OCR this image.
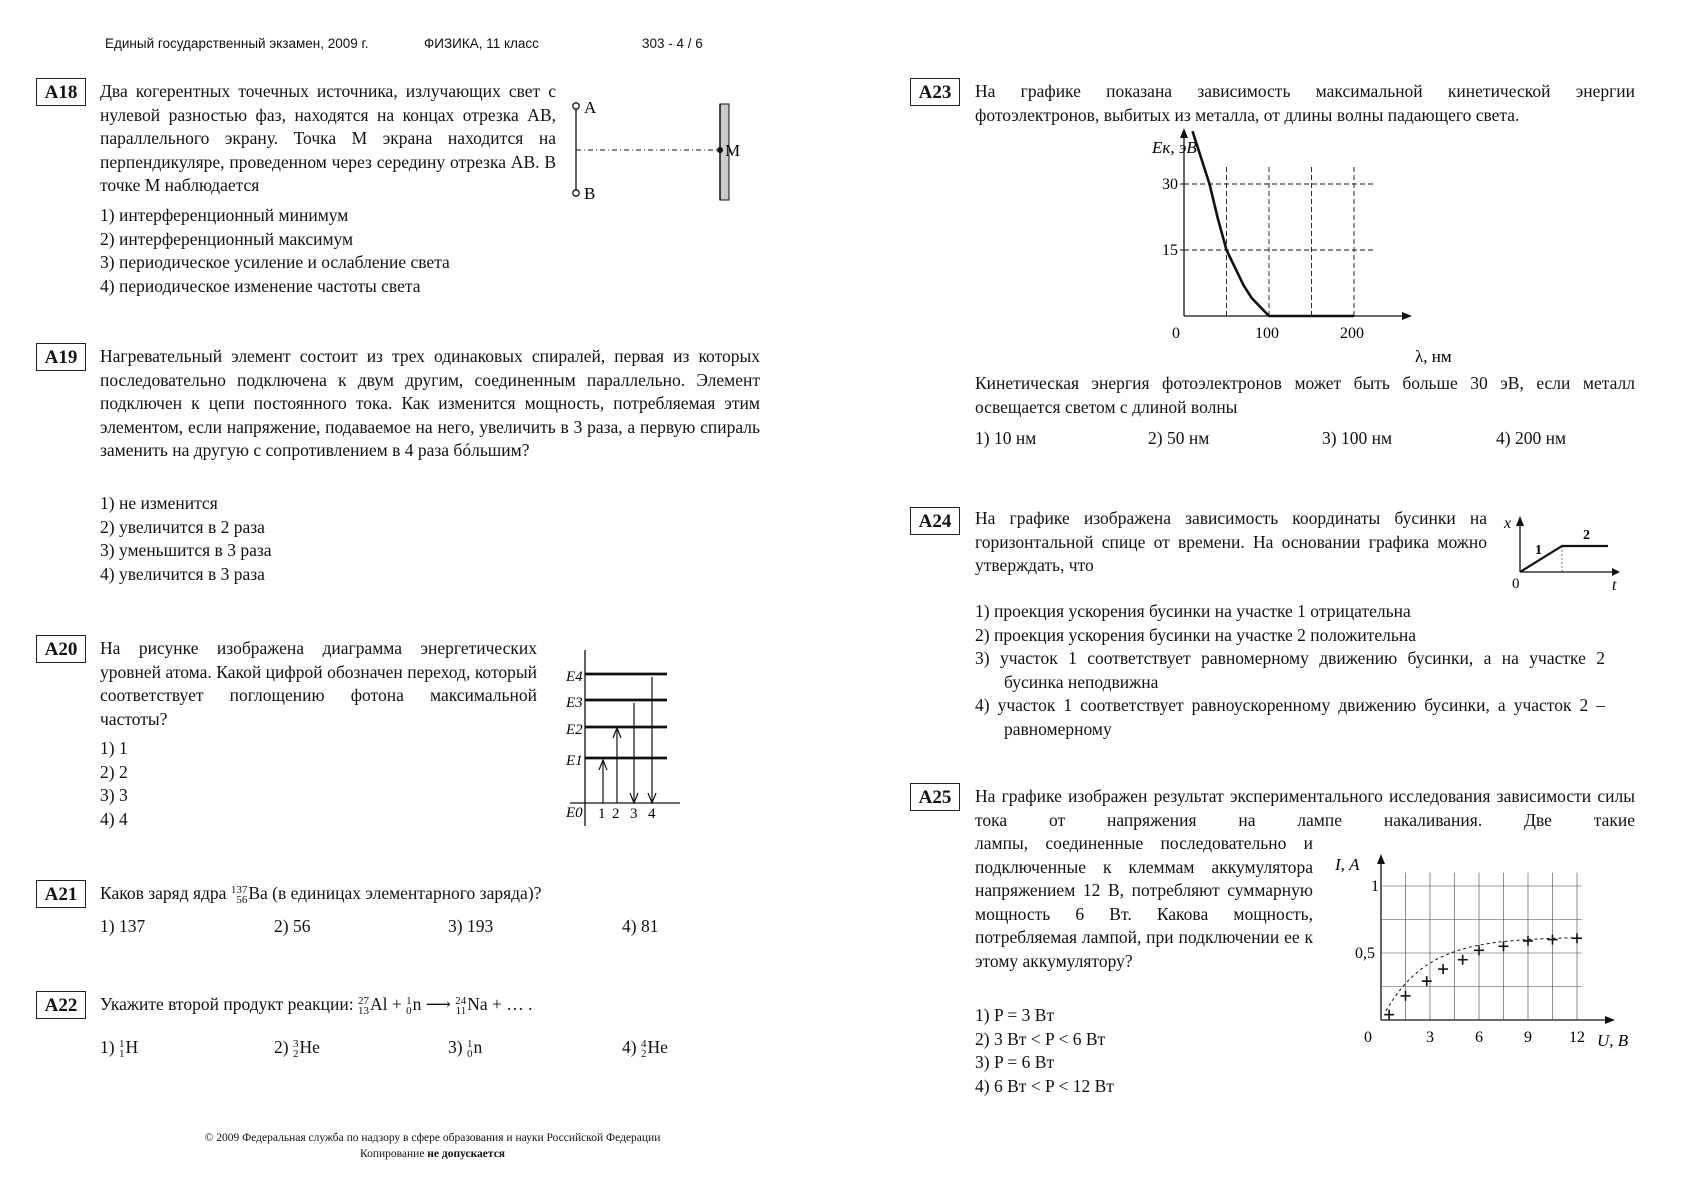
Единый государственный экзамен, 2009 г.	ФИЗИКА, 11 класс	303 - 4 / 6
А18	Два когерентных точечных источника, излучающих свет с нулевой разностью фаз, находятся на концах отрезка АВ, параллельного экрану. Точка М экрана находится на перпендикуляре, проведенном через середину отрезка АВ. В точке М наблюдается
A
B
M
1) интерференционный минимум
2) интерференционный максимум
3) периодическое усиление и ослабление света
4) периодическое изменение частоты света
А19	Нагревательный элемент состоит из трех одинаковых спиралей, первая из которых последовательно подключена к двум другим, соединенным параллельно. Элемент подключен к цепи постоянного тока. Как изменится мощность, потребляемая этим элементом, если напряжение, подаваемое на него, увеличить в 3 раза, а первую спираль заменить на другую с сопротивлением в 4 раза бóльшим?
1) не изменится
2) увеличится в 2 раза
3) уменьшится в 3 раза
4) увеличится в 3 раза
А20	На рисунке изображена диаграмма энергетических уровней атома. Какой цифрой обозначен переход, который соответствует поглощению фотона максимальной частоты?
1) 1
2) 2
3) 3
4) 4
E4
E3
E2
E1
E0 1 2 3 4
А21	Каков заряд ядра 137
56 Ba (в единицах элементарного заряда)?
1) 137	2) 56	3) 193	4) 81
А22	Укажите второй продукт реакции: 27
13 Al + 1
0 n ⟶ 24
11 Na + … .
1) 1
1 H	2) 3
2 He	3) 1
0 n	4) 4
2 He
© 2009 Федеральная служба по надзору в сфере образования и науки Российской Федерации
Копирование не допускается
А23	На графике показана зависимость максимальной кинетической энергии фотоэлектронов, выбитых из металла, от длины волны падающего света.
Eк, эВ
λ, нм
0	100	200
15
30
Кинетическая энергия фотоэлектронов может быть больше 30 эВ, если металл освещается светом с длиной волны
1) 10 нм	2) 50 нм	3) 100 нм	4) 200 нм
А24	На графике изображена зависимость координаты бусинки на горизонтальной спице от времени. На основании графика можно утверждать, что
x
t
0
1
2
1) проекция ускорения бусинки на участке 1 отрицательна
2) проекция ускорения бусинки на участке 2 положительна
3) участок 1 соответствует равномерному движению бусинки, а на участке 2 бусинка неподвижна
4) участок 1 соответствует равноускоренному движению бусинки, а участок 2 – равномерному
А25	На графике изображен результат экспериментального исследования зависимости силы тока от напряжения на лампе накаливания. Две такие
лампы, соединенные последовательно и подключенные к клеммам аккумулятора напряжением 12 В, потребляют суммарную мощность 6 Вт. Какова мощность, потребляемая лампой, при подключении ее к этому аккумулятору?
1) P = 3 Вт
2) 3 Вт < P < 6 Вт
3) P = 6 Вт
4) 6 Вт < P < 12 Вт
I, А
U, В
0	3	6	9 12
0,5
1
